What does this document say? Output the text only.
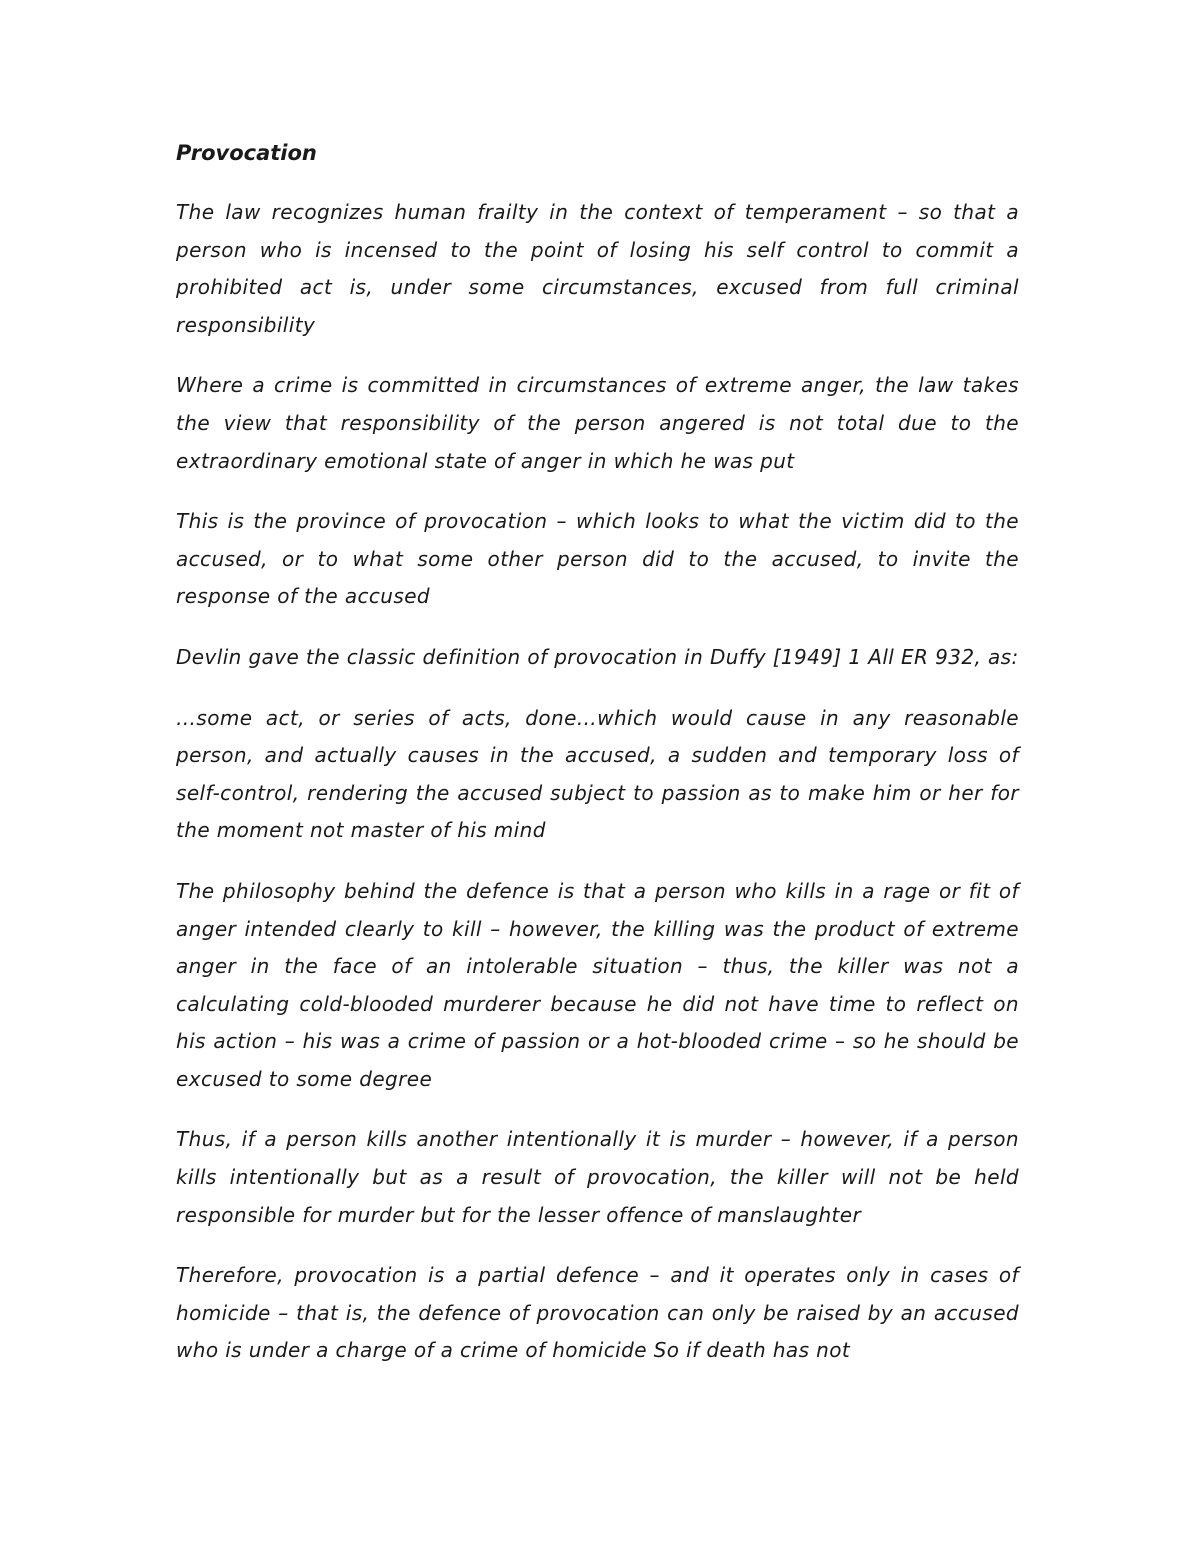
Provocation

The law recognizes human frailty in the context of temperament – so that a person who is incensed to the point of losing his self control to commit a prohibited act is, under some circumstances, excused from full criminal responsibility

Where a crime is committed in circumstances of extreme anger, the law takes the view that responsibility of the person angered is not total due to the extraordinary emotional state of anger in which he was put

This is the province of provocation – which looks to what the victim did to the accused, or to what some other person did to the accused, to invite the response of the accused

Devlin gave the classic definition of provocation in Duffy [1949] 1 All ER 932, as:

…some act, or series of acts, done…which would cause in any reasonable person, and actually causes in the accused, a sudden and temporary loss of self-control, rendering the accused subject to passion as to make him or her for the moment not master of his mind

The philosophy behind the defence is that a person who kills in a rage or fit of anger intended clearly to kill – however, the killing was the product of extreme anger in the face of an intolerable situation – thus, the killer was not a calculating cold-blooded murderer because he did not have time to reflect on his action – his was a crime of passion or a hot-blooded crime – so he should be excused to some degree

Thus, if a person kills another intentionally it is murder – however, if a person kills intentionally but as a result of provocation, the killer will not be held responsible for murder but for the lesser offence of manslaughter

Therefore, provocation is a partial defence – and it operates only in cases of homicide – that is, the defence of provocation can only be raised by an accused who is under a charge of a crime of homicide So if death has not
